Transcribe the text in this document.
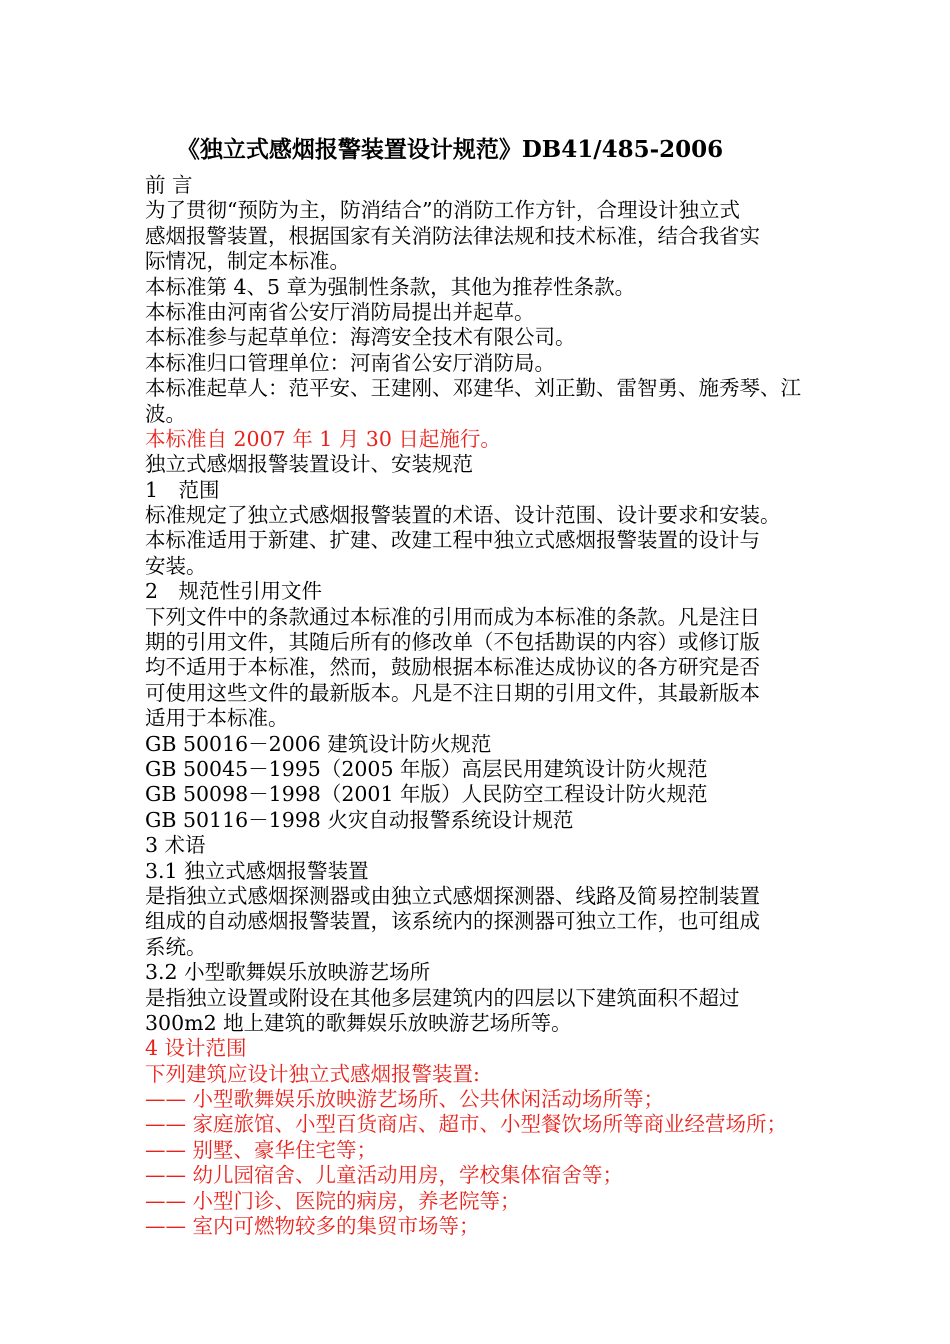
《独立式感烟报警装置设计规范》DB41/485-2006
前 言
为了贯彻“预防为主，防消结合”的消防工作方针，合理设计独立式
感烟报警装置，根据国家有关消防法律法规和技术标准，结合我省实
际情况，制定本标准。
本标准第 4、5 章为强制性条款，其他为推荐性条款。
本标准由河南省公安厅消防局提出并起草。
本标准参与起草单位：海湾安全技术有限公司。
本标准归口管理单位：河南省公安厅消防局。
本标准起草人：范平安、王建刚、邓建华、刘正勤、雷智勇、施秀琴、江
波。
本标准自 2007 年 1 月 30 日起施行。
独立式感烟报警装置设计、安装规范
1　范围
标准规定了独立式感烟报警装置的术语、设计范围、设计要求和安装。
本标准适用于新建、扩建、改建工程中独立式感烟报警装置的设计与
安装。
2　规范性引用文件
下列文件中的条款通过本标准的引用而成为本标准的条款。凡是注日
期的引用文件，其随后所有的修改单（不包括勘误的内容）或修订版
均不适用于本标准，然而，鼓励根据本标准达成协议的各方研究是否
可使用这些文件的最新版本。凡是不注日期的引用文件，其最新版本
适用于本标准。
GB 50016－2006 建筑设计防火规范
GB 50045－1995（2005 年版）高层民用建筑设计防火规范
GB 50098－1998（2001 年版）人民防空工程设计防火规范
GB 50116－1998 火灾自动报警系统设计规范
3 术语
3.1 独立式感烟报警装置
是指独立式感烟探测器或由独立式感烟探测器、线路及简易控制装置
组成的自动感烟报警装置，该系统内的探测器可独立工作，也可组成
系统。
3.2 小型歌舞娱乐放映游艺场所
是指独立设置或附设在其他多层建筑内的四层以下建筑面积不超过
300m2 地上建筑的歌舞娱乐放映游艺场所等。
4 设计范围
下列建筑应设计独立式感烟报警装置:
—— 小型歌舞娱乐放映游艺场所、公共休闲活动场所等；
—— 家庭旅馆、小型百货商店、超市、小型餐饮场所等商业经营场所；
—— 别墅、豪华住宅等；
—— 幼儿园宿舍、儿童活动用房，学校集体宿舍等；
—— 小型门诊、医院的病房，养老院等；
—— 室内可燃物较多的集贸市场等；
